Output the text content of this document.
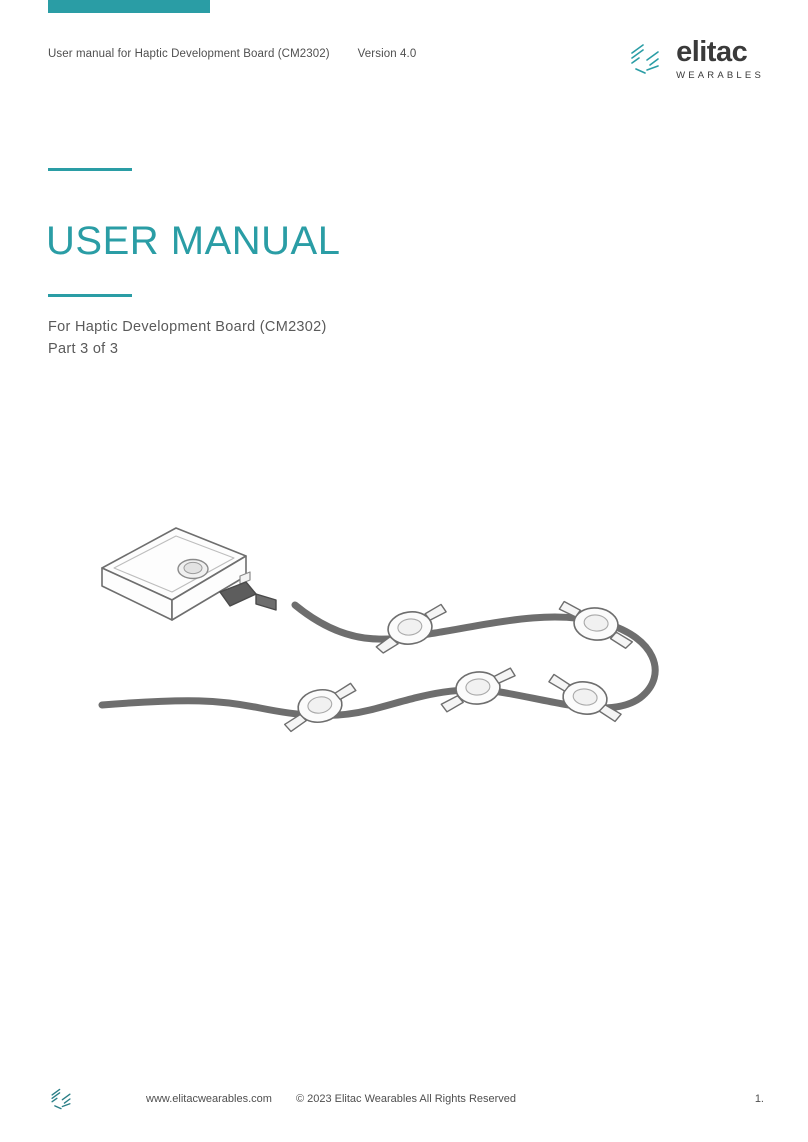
User manual for Haptic Development Board (CM2302) Version 4.0	elitac
WEARABLES
USER MANUAL
For Haptic Development Board (CM2302)
Part 3 of 3
www.elitacwearables.com	© 2023 Elitac Wearables All Rights Reserved	1.
